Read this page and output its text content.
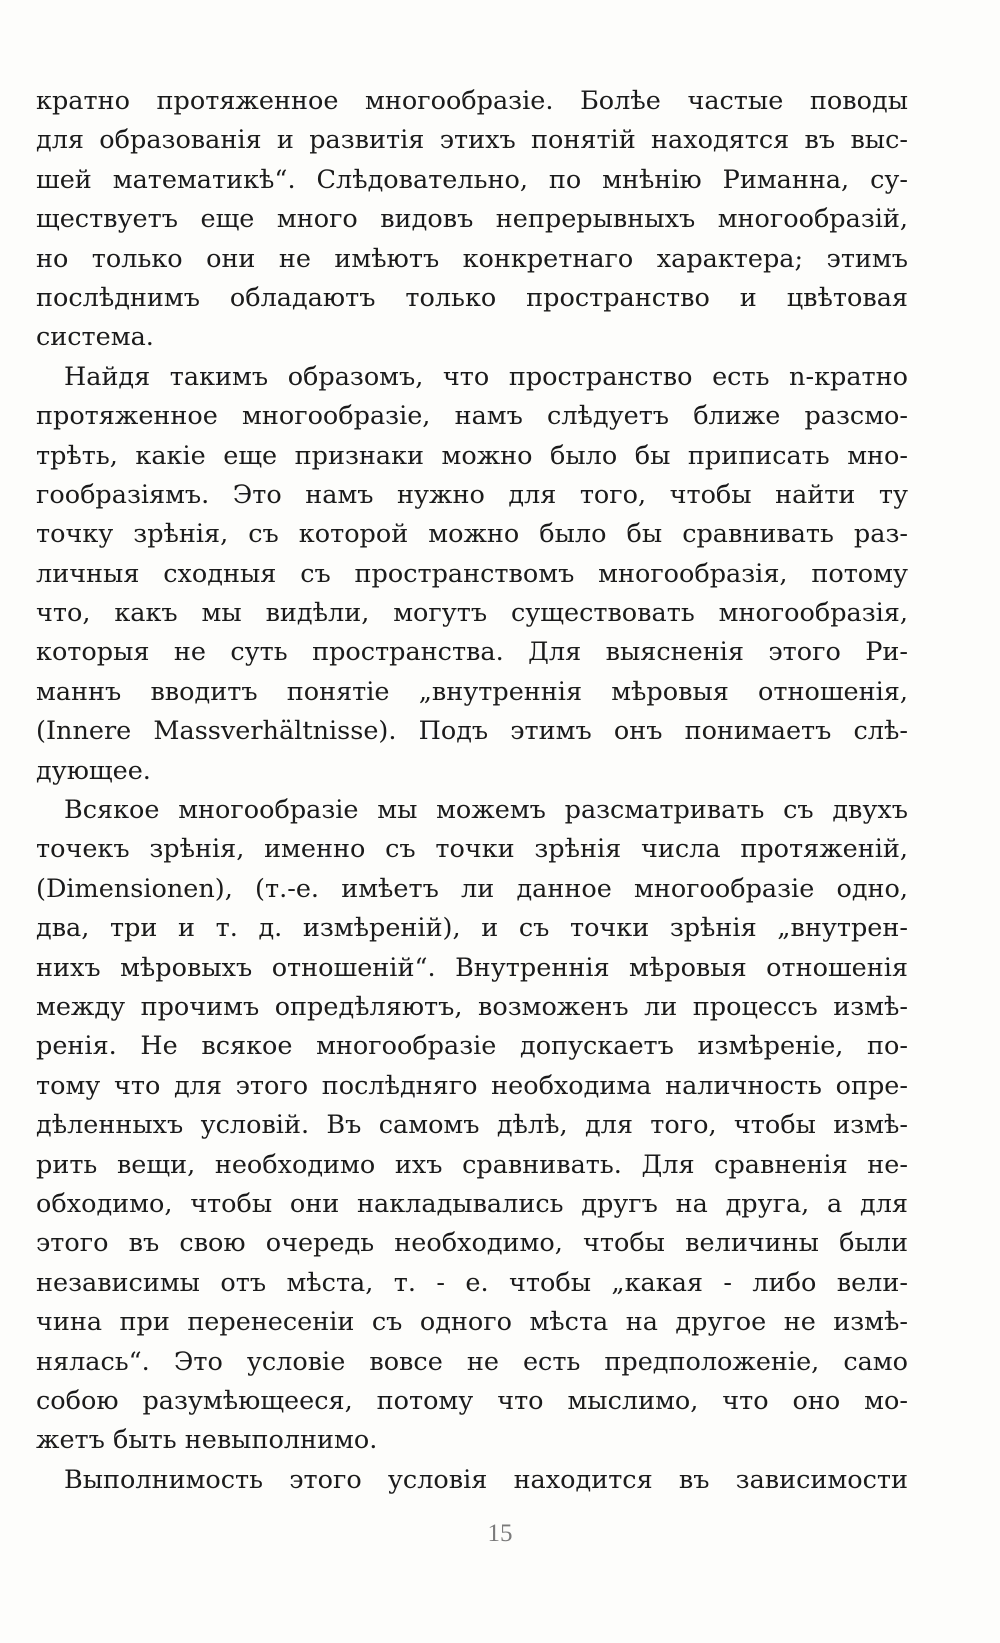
кратно протяженное многообразiе. Болѣе частые поводы
для образованiя и развитiя этихъ понятiй находятся въ выс-
шей математикѣ“. Слѣдовательно, по мнѣнiю Риманна, су-
ществуетъ еще много видовъ непрерывныхъ многообразiй,
но только они не имѣютъ конкретнаго характера; этимъ
послѣднимъ обладаютъ только пространство и цвѣтовая
система.
Найдя такимъ образомъ, что пространство есть n-кратно
протяженное многообразiе, намъ слѣдуетъ ближе разсмо-
трѣть, какiе еще признаки можно было бы приписать мно-
гообразiямъ. Это намъ нужно для того, чтобы найти ту
точку зрѣнiя, съ которой можно было бы сравнивать раз-
личныя сходныя съ пространствомъ многообразiя, потому
что, какъ мы видѣли, могутъ существовать многообразiя,
которыя не суть пространства. Для выясненiя этого Ри-
маннъ вводитъ понятiе „внутреннiя мѣровыя отношенiя,
(Innere Massverhältnisse). Подъ этимъ онъ понимаетъ слѣ-
дующее.
Всякое многообразiе мы можемъ разсматривать съ двухъ
точекъ зрѣнiя, именно съ точки зрѣнiя числа протяженiй,
(Dimensionen), (т.-е. имѣетъ ли данное многообразiе одно,
два, три и т. д. измѣренiй), и съ точки зрѣнiя „внутрен-
нихъ мѣровыхъ отношенiй“. Внутреннiя мѣровыя отношенiя
между прочимъ опредѣляютъ, возможенъ ли процессъ измѣ-
ренiя. Не всякое многообразiе допускаетъ измѣренiе, по-
тому что для этого послѣдняго необходима наличность опре-
дѣленныхъ условiй. Въ самомъ дѣлѣ, для того, чтобы измѣ-
рить вещи, необходимо ихъ сравнивать. Для сравненiя не-
обходимо, чтобы они накладывались другъ на друга, а для
этого въ свою очередь необходимо, чтобы величины были
независимы отъ мѣста, т. - е. чтобы „какая - либо вели-
чина при перенесенiи съ одного мѣста на другое не измѣ-
нялась“. Это условiе вовсе не есть предположенiе, само
собою разумѣющееся, потому что мыслимо, что оно мо-
жетъ быть невыполнимо.
Выполнимость этого условiя находится въ зависимости
15
